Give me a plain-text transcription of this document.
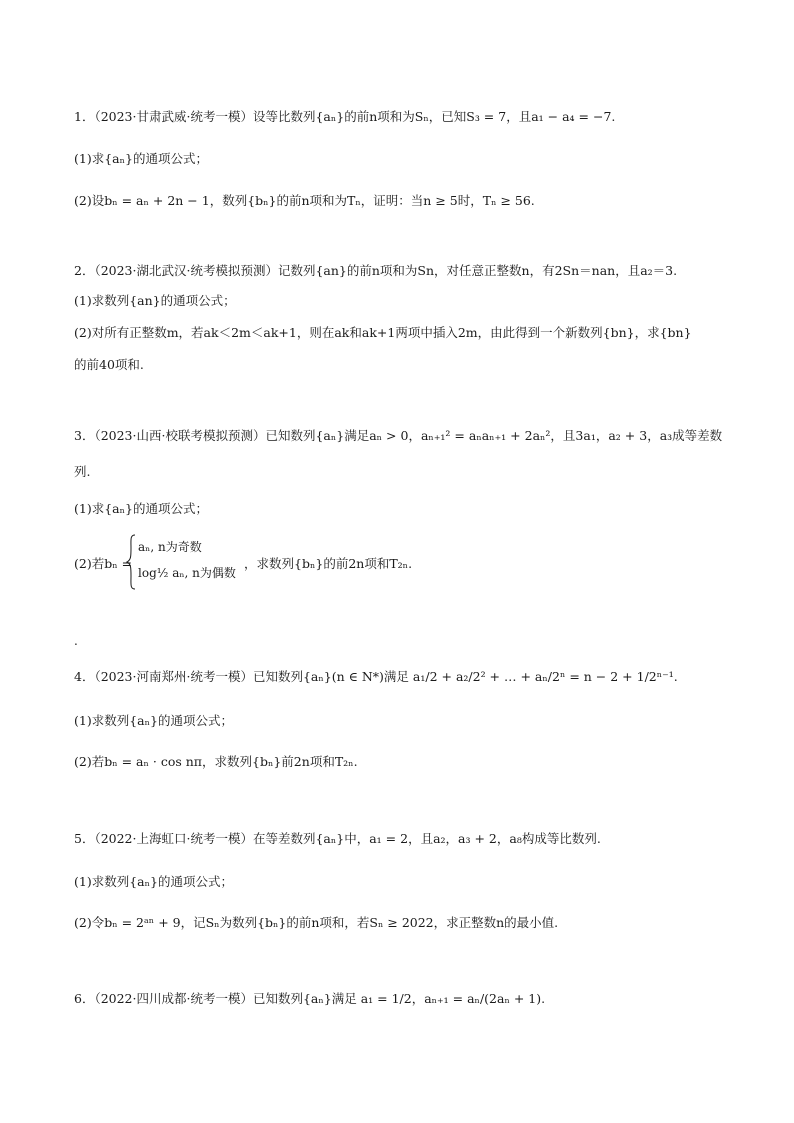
1．（2023·甘肃武威·统考一模）设等比数列{aₙ}的前n项和为Sₙ，已知S₃ = 7，且a₁ − a₄ = −7.
(1)求{aₙ}的通项公式；
(2)设bₙ = aₙ + 2n − 1，数列{bₙ}的前n项和为Tₙ，证明：当n ≥ 5时，Tₙ ≥ 56.
2．（2023·湖北武汉·统考模拟预测）记数列{an}的前n项和为Sn，对任意正整数n，有2Sn＝nan，且a₂＝3.
(1)求数列{an}的通项公式；
(2)对所有正整数m，若ak＜2m＜ak+1，则在ak和ak+1两项中插入2m，由此得到一个新数列{bn}，求{bn}
的前40项和.
3．（2023·山西·校联考模拟预测）已知数列{aₙ}满足aₙ > 0，aₙ₊₁² = aₙaₙ₊₁ + 2aₙ²，且3a₁，a₂ + 3，a₃成等差数
列.
(1)求{aₙ}的通项公式；
(2)若bₙ =
aₙ, n为奇数
log½ aₙ, n为偶数
，求数列{bₙ}的前2n项和T₂ₙ.
.
4．（2023·河南郑州·统考一模）已知数列{aₙ}(n ∈ N*)满足 a₁/2 + a₂/2² + … + aₙ/2ⁿ = n − 2 + 1/2ⁿ⁻¹.
(1)求数列{aₙ}的通项公式；
(2)若bₙ = aₙ · cos nπ，求数列{bₙ}前2n项和T₂ₙ.
5．（2022·上海虹口·统考一模）在等差数列{aₙ}中，a₁ = 2，且a₂，a₃ + 2，a₈构成等比数列.
(1)求数列{aₙ}的通项公式；
(2)令bₙ = 2ᵃⁿ + 9，记Sₙ为数列{bₙ}的前n项和，若Sₙ ≥ 2022，求正整数n的最小值.
6．（2022·四川成都·统考一模）已知数列{aₙ}满足 a₁ = 1/2，aₙ₊₁ = aₙ/(2aₙ + 1).
